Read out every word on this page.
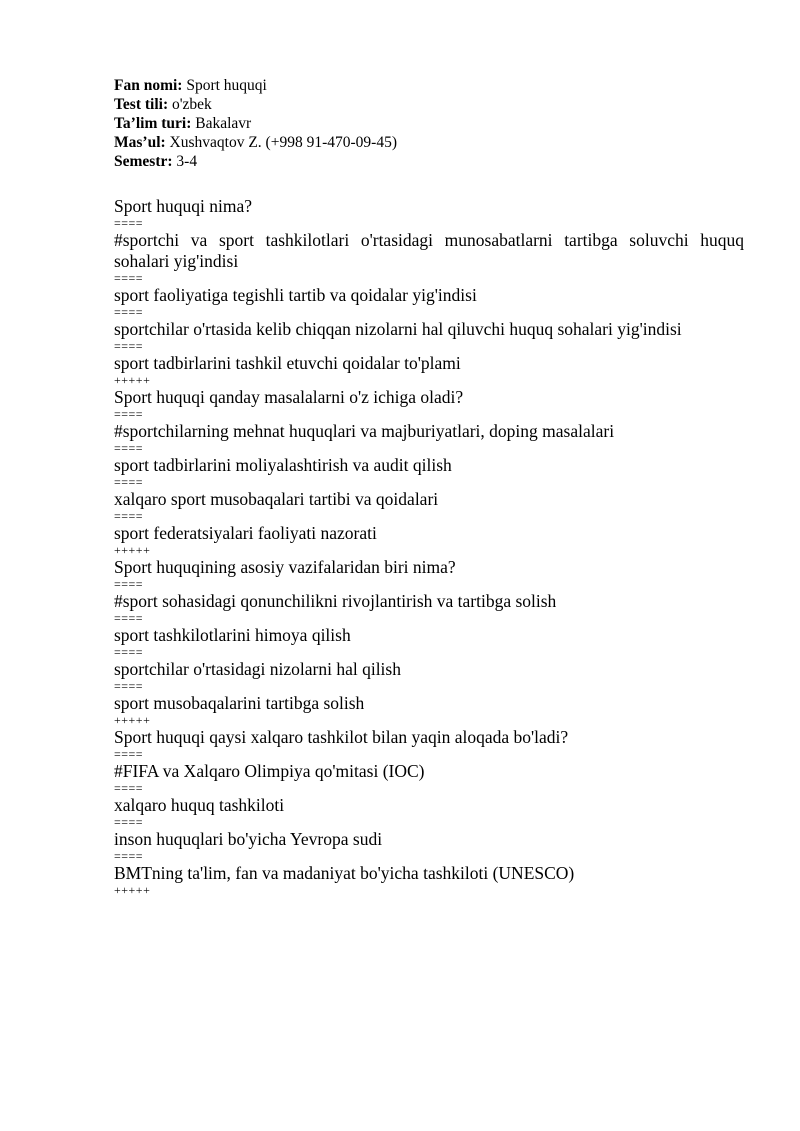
Fan nomi: Sport huquqi

Test tili: o'zbek

Ta’lim turi: Bakalavr

Mas’ul: Xushvaqtov Z. (+998 91-470-09-45)

Semestr: 3-4

Sport huquqi nima?

====

#sportchi va sport tashkilotlari o'rtasidagi munosabatlarni tartibga soluvchi huquq sohalari yig'indisi

====

sport faoliyatiga tegishli tartib va qoidalar yig'indisi

====

sportchilar o'rtasida kelib chiqqan nizolarni hal qiluvchi huquq sohalari yig'indisi

====

sport tadbirlarini tashkil etuvchi qoidalar to'plami

+++++

Sport huquqi qanday masalalarni o'z ichiga oladi?

====

#sportchilarning mehnat huquqlari va majburiyatlari, doping masalalari

====

sport tadbirlarini moliyalashtirish va audit qilish

====

xalqaro sport musobaqalari tartibi va qoidalari

====

sport federatsiyalari faoliyati nazorati

+++++

Sport huquqining asosiy vazifalaridan biri nima?

====

#sport sohasidagi qonunchilikni rivojlantirish va tartibga solish

====

sport tashkilotlarini himoya qilish

====

sportchilar o'rtasidagi nizolarni hal qilish

====

sport musobaqalarini tartibga solish

+++++

Sport huquqi qaysi xalqaro tashkilot bilan yaqin aloqada bo'ladi?

====

#FIFA va Xalqaro Olimpiya qo'mitasi (IOC)

====

xalqaro huquq tashkiloti

====

inson huquqlari bo'yicha Yevropa sudi

====

BMTning ta'lim, fan va madaniyat bo'yicha tashkiloti (UNESCO)

+++++
